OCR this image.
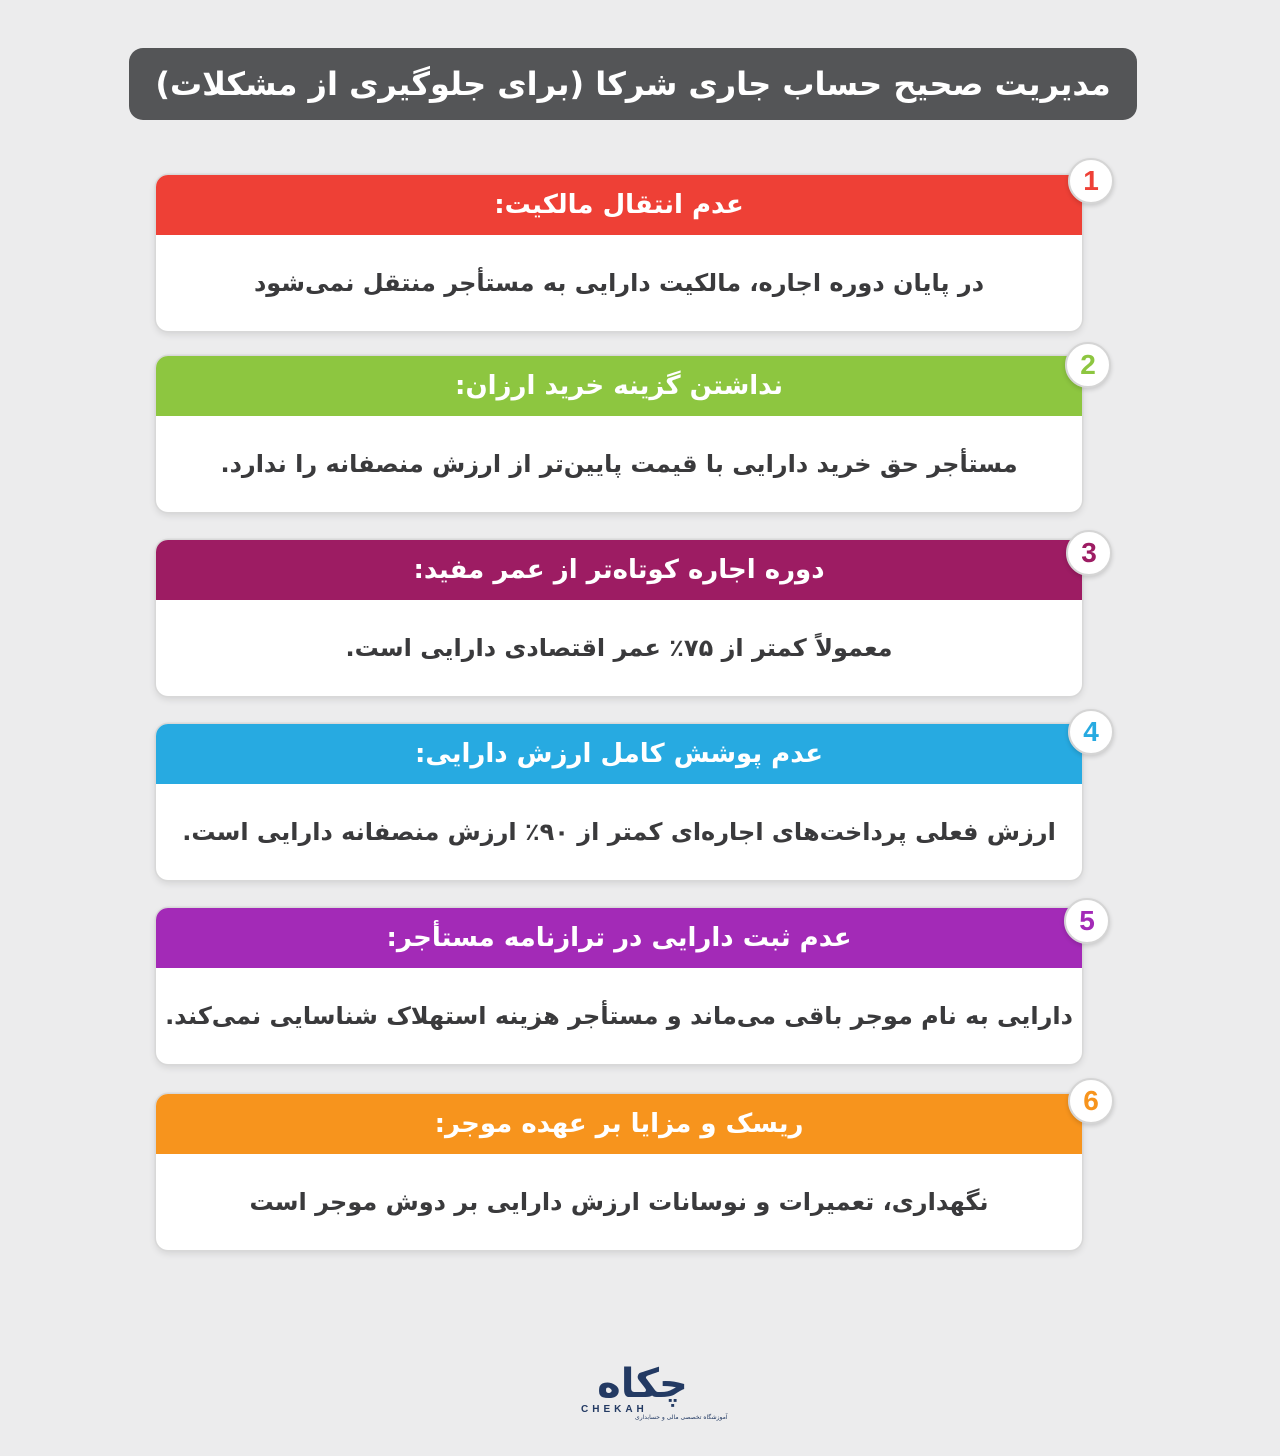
مدیریت صحیح حساب جاری شرکا (برای جلوگیری از مشکلات)
عدم انتقال مالکیت:
در پایان دوره اجاره، مالکیت دارایی به مستأجر منتقل نمی‌شود
1
نداشتن گزینه خرید ارزان:
مستأجر حق خرید دارایی با قیمت پایین‌تر از ارزش منصفانه را ندارد.
2
دوره اجاره کوتاه‌تر از عمر مفید:
معمولاً کمتر از ۷۵٪ عمر اقتصادی دارایی است.
3
عدم پوشش کامل ارزش دارایی:
ارزش فعلی پرداخت‌های اجاره‌ای کمتر از ۹۰٪ ارزش منصفانه دارایی است.
4
عدم ثبت دارایی در ترازنامه مستأجر:
دارایی به نام موجر باقی می‌ماند و مستأجر هزینه استهلاک شناسایی نمی‌کند.
5
ریسک و مزایا بر عهده موجر:
نگهداری، تعمیرات و نوسانات ارزش دارایی بر دوش موجر است
6
چکاه
CHEKAH
آموزشگاه تخصصی مالی و حسابداری
